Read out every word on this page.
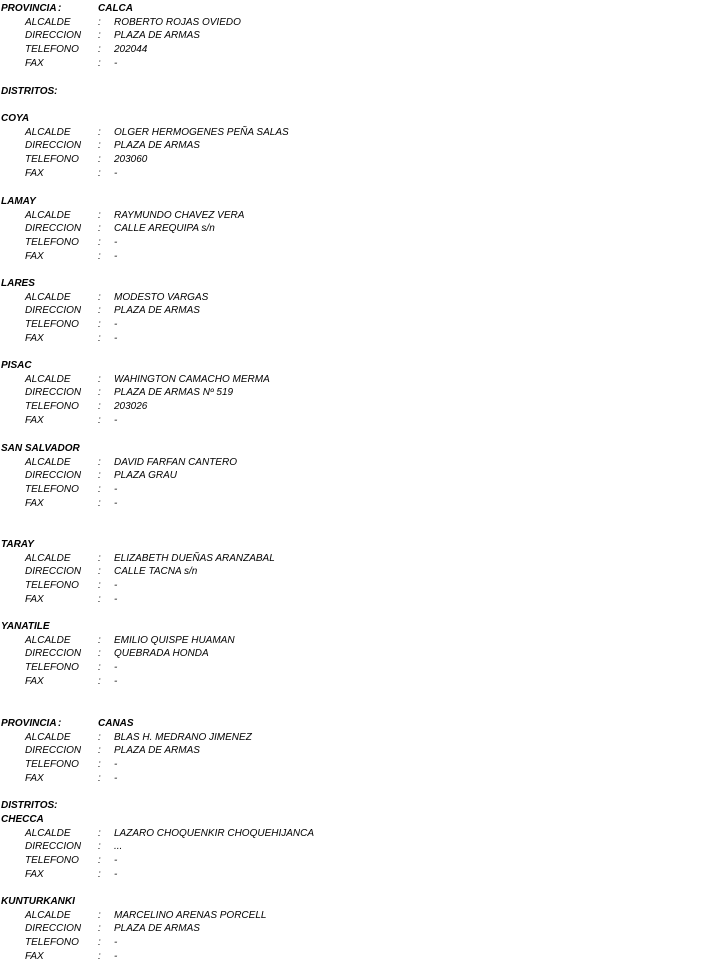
PROVINCIA :	CALCA
ALCALDE	: ROBERTO ROJAS OVIEDO
DIRECCION : PLAZA DE ARMAS
TELEFONO : 202044
FAX	: -
DISTRITOS:
COYA
ALCALDE	: OLGER HERMOGENES PEÑA SALAS
DIRECCION : PLAZA DE ARMAS
TELEFONO : 203060
FAX	: -
LAMAY
ALCALDE	: RAYMUNDO CHAVEZ VERA
DIRECCION : CALLE AREQUIPA s/n
TELEFONO : -
FAX	: -
LARES
ALCALDE	: MODESTO VARGAS
DIRECCION : PLAZA DE ARMAS
TELEFONO : -
FAX	: -
PISAC
ALCALDE	: WAHINGTON CAMACHO MERMA
DIRECCION : PLAZA DE ARMAS Nº 519
TELEFONO : 203026
FAX	: -
SAN SALVADOR
ALCALDE	: DAVID FARFAN CANTERO
DIRECCION : PLAZA GRAU
TELEFONO : -
FAX	: -
TARAY
ALCALDE	: ELIZABETH DUEÑAS ARANZABAL
DIRECCION : CALLE TACNA s/n
TELEFONO : -
FAX	: -
YANATILE
ALCALDE	: EMILIO QUISPE HUAMAN
DIRECCION : QUEBRADA HONDA
TELEFONO : -
FAX	: -
PROVINCIA :	CANAS
ALCALDE	: BLAS H. MEDRANO JIMENEZ
DIRECCION : PLAZA DE ARMAS
TELEFONO : -
FAX	: -
DISTRITOS:
CHECCA
ALCALDE	: LAZARO CHOQUENKIR CHOQUEHIJANCA
DIRECCION : ...
TELEFONO : -
FAX	: -
KUNTURKANKI
ALCALDE	: MARCELINO ARENAS PORCELL
DIRECCION : PLAZA DE ARMAS
TELEFONO : -
FAX	: -
